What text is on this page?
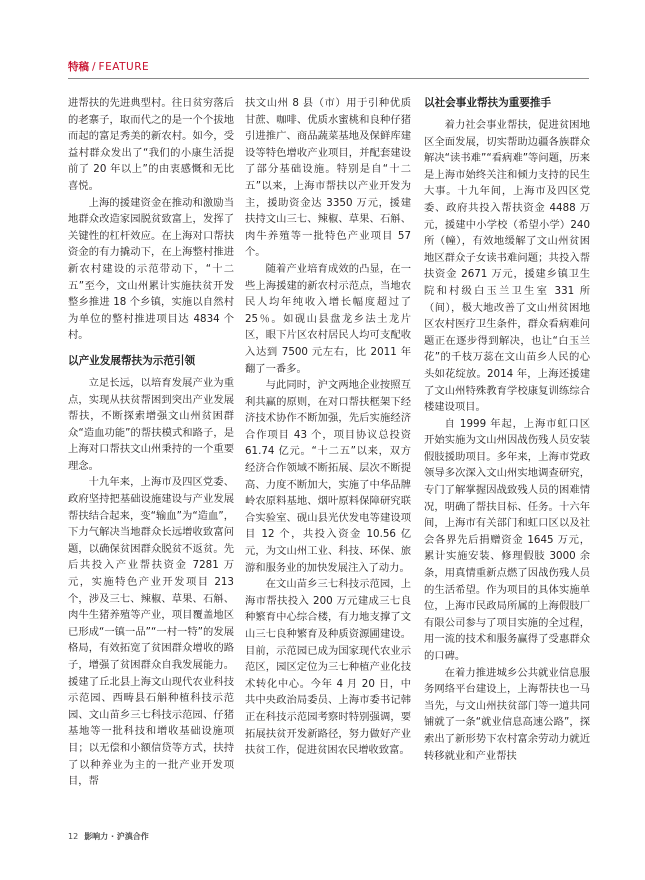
特稿 / FEATURE

进帮扶的先进典型村。往日贫穷落后的老寨子，取而代之的是一个个拔地而起的富足秀美的新农村。如今，受益村群众发出了“我们的小康生活提前了 20 年以上”的由衷感慨和无比喜悦。

上海的援建资金在推动和激励当地群众改造家园脱贫致富上，发挥了关键性的杠杆效应。在上海对口帮扶资金的有力撬动下，在上海整村推进新农村建设的示范带动下，“十二五”至今，文山州累计实施扶贫开发整乡推进 18 个乡镇，实施以自然村为单位的整村推进项目达 4834 个村。

以产业发展帮扶为示范引领

立足长远，以培育发展产业为重点，实现从扶贫帮困到突出产业发展帮扶，不断探索增强文山州贫困群众“造血功能”的帮扶模式和路子，是上海对口帮扶文山州秉持的一个重要理念。

十九年来，上海市及四区党委、政府坚持把基础设施建设与产业发展帮扶结合起来，变“输血”为“造血”，下力气解决当地群众长远增收致富问题，以确保贫困群众脱贫不返贫。先后共投入产业帮扶资金 7281 万元，实施特色产业开发项目 213 个，涉及三七、辣椒、草果、石斛、肉牛生猪养殖等产业，项目覆盖地区已形成“一镇一品”“一村一特”的发展格局，有效拓宽了贫困群众增收的路子，增强了贫困群众自我发展能力。援建了丘北县上海文山现代农业科技示范园、西畴县石斛种植科技示范园、文山苗乡三七科技示范园、仔猪基地等一批科技和增收基础设施项目；以无偿和小额信贷等方式，扶持了以种养业为主的一批产业开发项目，帮

扶文山州 8 县（市）用于引种优质甘蔗、咖啡、优质水蜜桃和良种仔猪引进推广、商品蔬菜基地及保鲜库建设等特色增收产业项目，并配套建设了部分基础设施。特别是自“十二五”以来，上海市帮扶以产业开发为主，援助资金达 3350 万元，援建扶持文山三七、辣椒、草果、石斛、肉牛养殖等一批特色产业项目 57 个。

随着产业培育成效的凸显，在一些上海援建的新农村示范点，当地农民人均年纯收入增长幅度超过了 25％。如砚山县盘龙乡法土龙片区，眼下片区农村居民人均可支配收入达到 7500 元左右，比 2011 年翻了一番多。

与此同时，沪文两地企业按照互利共赢的原则，在对口帮扶框架下经济技术协作不断加强，先后实施经济合作项目 43 个，项目协议总投资 61.74 亿元。“十二五”以来，双方经济合作领域不断拓展、层次不断提高、力度不断加大，实施了中华品牌岭农原料基地、烟叶原料保障研究联合实验室、砚山县光伏发电等建设项目 12 个，共投入资金 10.56 亿元，为文山州工业、科技、环保、旅游和服务业的加快发展注入了动力。

在文山苗乡三七科技示范园，上海市帮扶投入 200 万元建成三七良种繁育中心综合楼，有力地支撑了文山三七良种繁育及种质资源圃建设。目前，示范园已成为国家现代农业示范区，园区定位为三七种植产业化技术转化中心。今年 4 月 20 日，中共中央政治局委员、上海市委书记韩正在科技示范园考察时特别强调，要拓展扶贫开发新路径，努力做好产业扶贫工作，促进贫困农民增收致富。

以社会事业帮扶为重要推手

着力社会事业帮扶，促进贫困地区全面发展，切实帮助边疆各族群众解决“读书难”“看病难”等问题，历来是上海市始终关注和倾力支持的民生大事。十九年间，上海市及四区党委、政府共投入帮扶资金 4488 万元，援建中小学校（希望小学）240 所（幢），有效地缓解了文山州贫困地区群众子女读书难问题；共投入帮扶资金 2671 万元，援建乡镇卫生院和村级白玉兰卫生室 331 所（间），极大地改善了文山州贫困地区农村医疗卫生条件，群众看病难问题正在逐步得到解决，也让“白玉兰花”的千枝万蕊在文山苗乡人民的心头如花绽放。2014 年，上海还援建了文山州特殊教育学校康复训练综合楼建设项目。

自 1999 年起，上海市虹口区开始实施为文山州因战伤残人员安装假肢援助项目。多年来，上海市党政领导多次深入文山州实地调查研究，专门了解掌握因战致残人员的困难情况，明确了帮扶目标、任务。十六年间，上海市有关部门和虹口区以及社会各界先后捐赠资金 1645 万元，累计实施安装、修理假肢 3000 余条，用真情重新点燃了因战伤残人员的生活希望。作为项目的具体实施单位，上海市民政局所属的上海假肢厂有限公司参与了项目实施的全过程，用一流的技术和服务赢得了受惠群众的口碑。

在着力推进城乡公共就业信息服务网络平台建设上，上海帮扶也一马当先，与文山州扶贫部门等一道共同铺就了一条“就业信息高速公路”，探索出了新形势下农村富余劳动力就近转移就业和产业帮扶

12 影响力 · 沪滇合作
